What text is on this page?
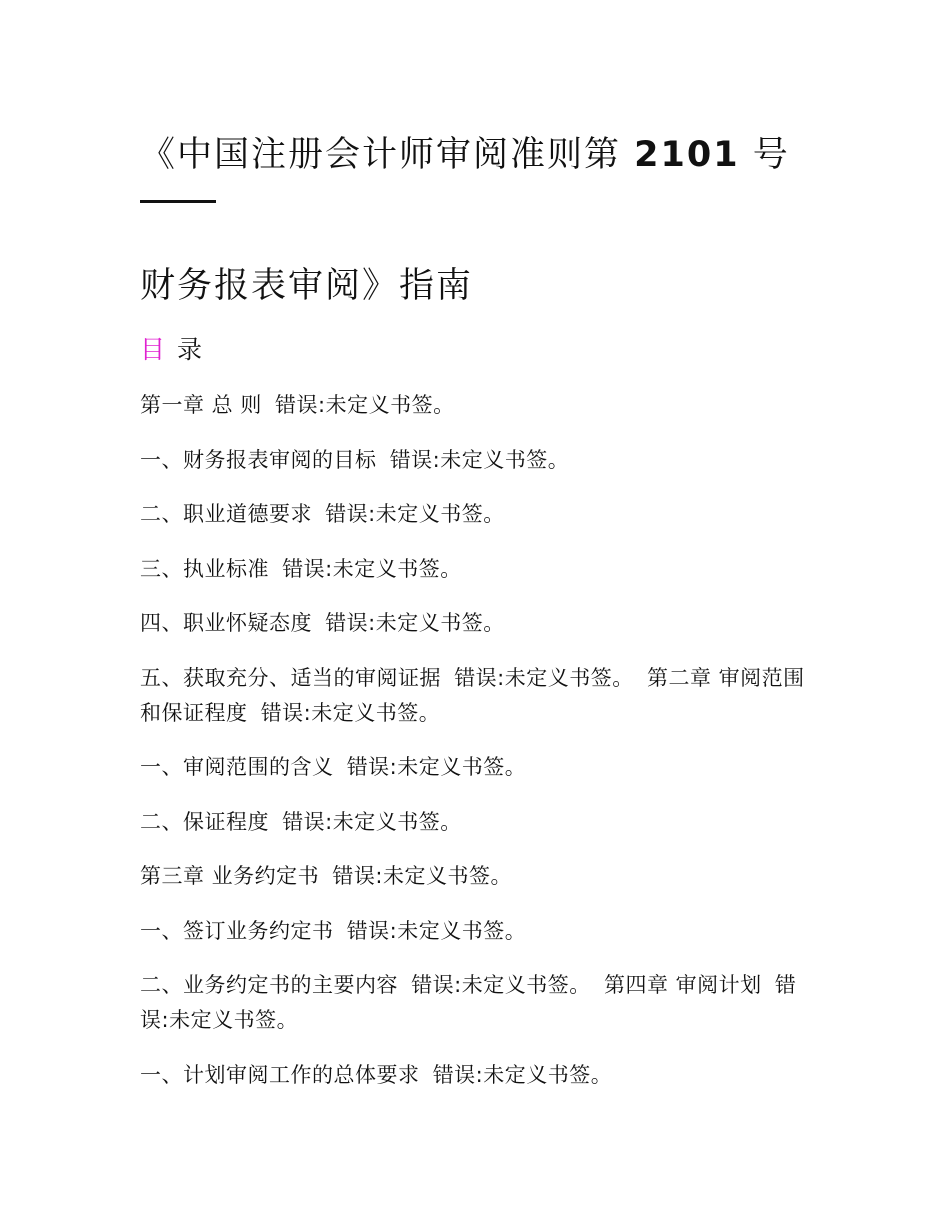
《中国注册会计师审阅准则第 2101 号
财务报表审阅》指南
目 录
第一章 总 则 错误:未定义书签。
一、财务报表审阅的目标 错误:未定义书签。
二、职业道德要求 错误:未定义书签。
三、执业标准 错误:未定义书签。
四、职业怀疑态度 错误:未定义书签。
五、获取充分、适当的审阅证据 错误:未定义书签。 第二章 审阅范围和保证程度 错误:未定义书签。
一、审阅范围的含义 错误:未定义书签。
二、保证程度 错误:未定义书签。
第三章 业务约定书 错误:未定义书签。
一、签订业务约定书 错误:未定义书签。
二、业务约定书的主要内容 错误:未定义书签。 第四章 审阅计划 错误:未定义书签。
一、计划审阅工作的总体要求 错误:未定义书签。
